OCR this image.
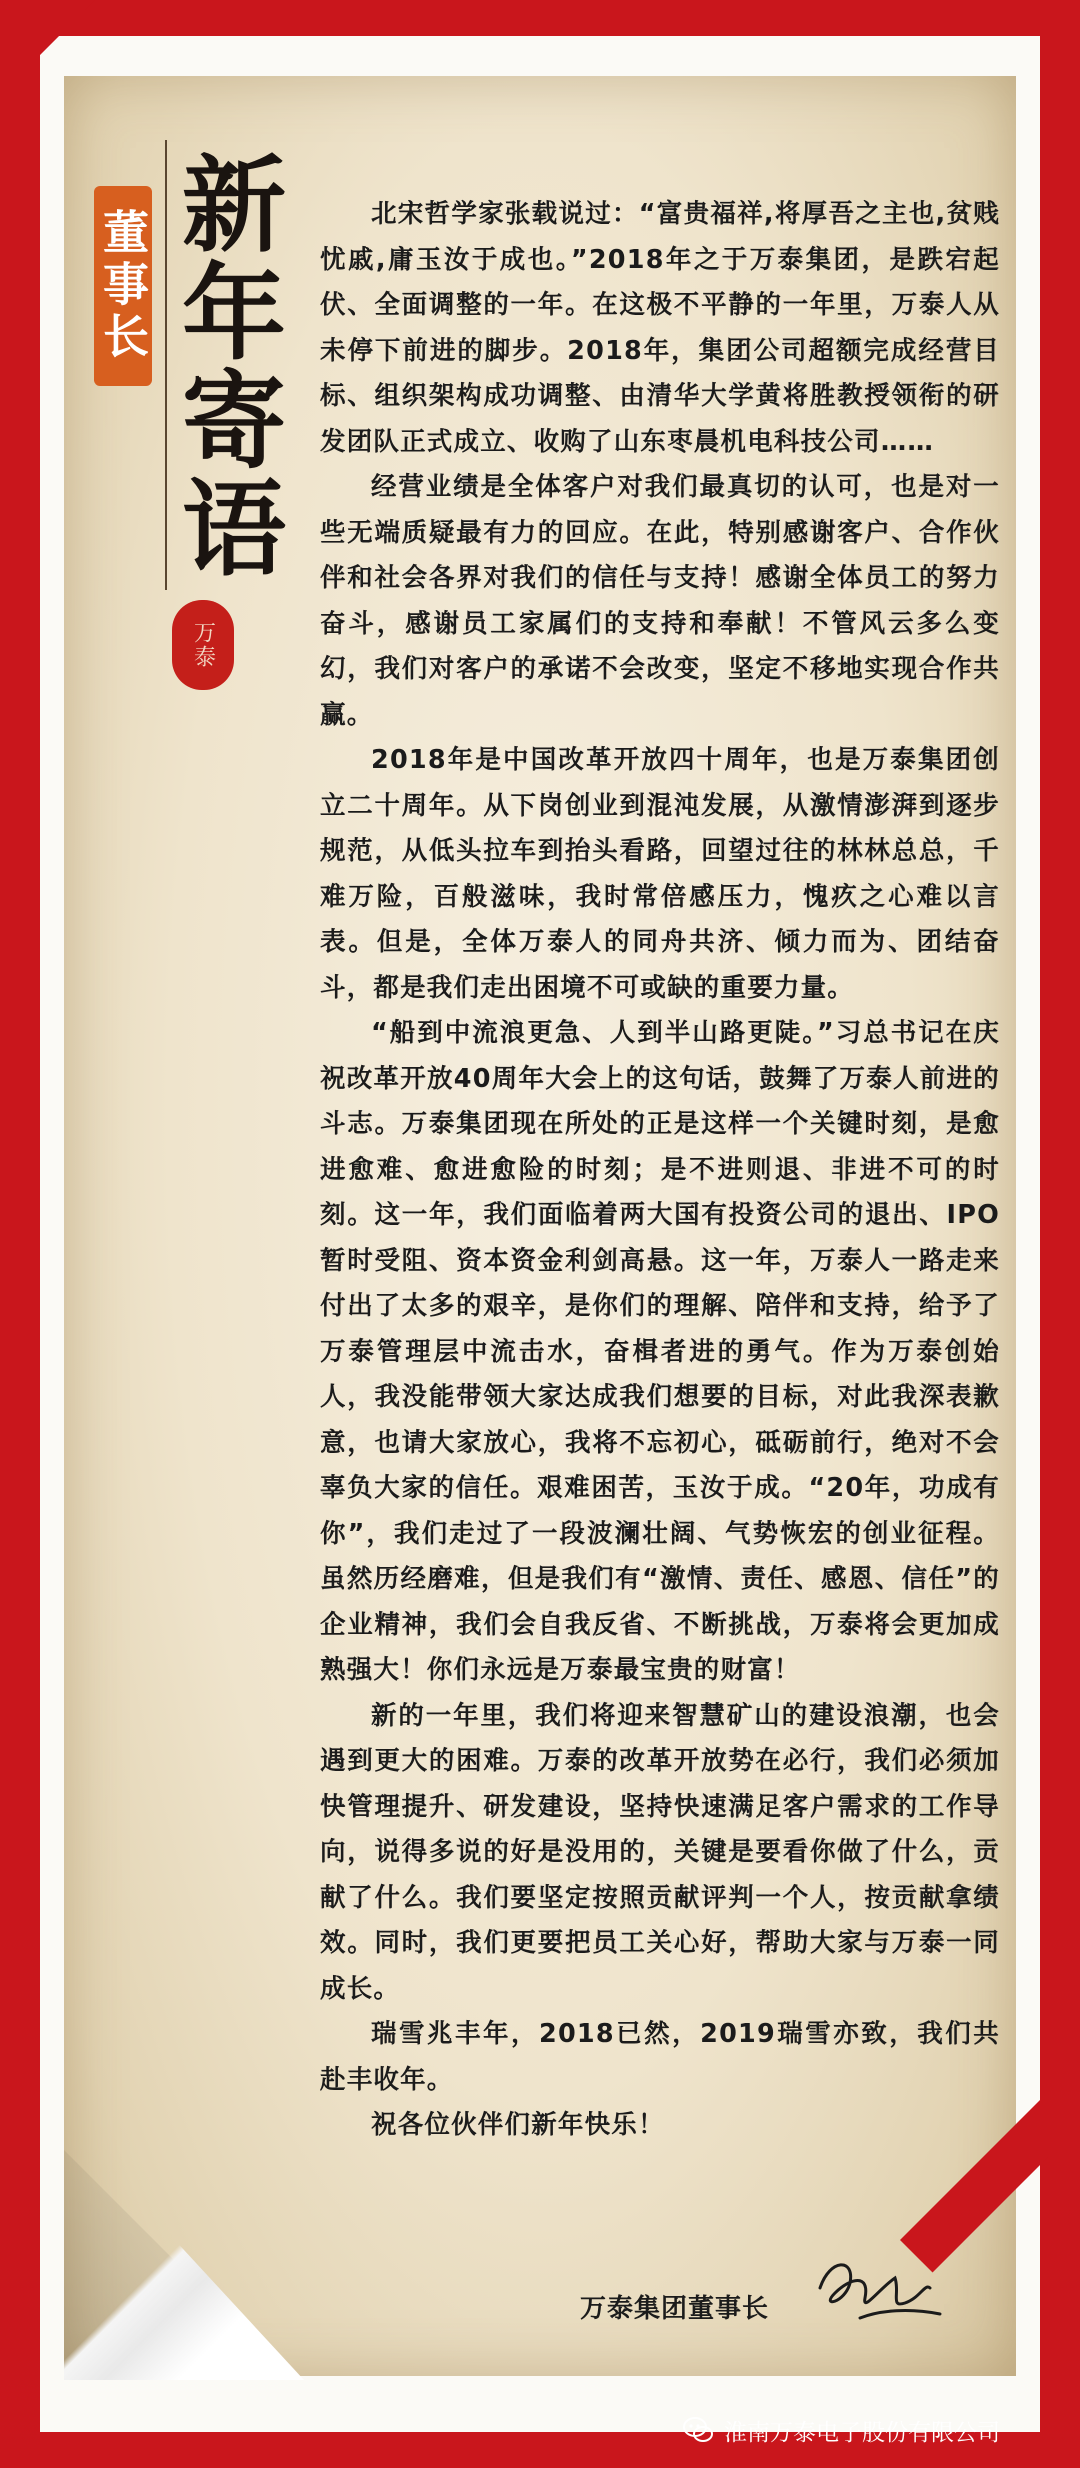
董事长 新年寄语
万泰

北宋哲学家张载说过：“富贵福祥,将厚吾之主也,贫贱忧戚,庸玉汝于成也。”2018年之于万泰集团，是跌宕起伏、全面调整的一年。在这极不平静的一年里，万泰人从未停下前进的脚步。2018年，集团公司超额完成经营目标、组织架构成功调整、由清华大学黄将胜教授领衔的研发团队正式成立、收购了山东枣晨机电科技公司……

经营业绩是全体客户对我们最真切的认可，也是对一些无端质疑最有力的回应。在此，特别感谢客户、合作伙伴和社会各界对我们的信任与支持！感谢全体员工的努力奋斗，感谢员工家属们的支持和奉献！不管风云多么变幻，我们对客户的承诺不会改变，坚定不移地实现合作共赢。

2018年是中国改革开放四十周年，也是万泰集团创立二十周年。从下岗创业到混沌发展，从激情澎湃到逐步规范，从低头拉车到抬头看路，回望过往的林林总总，千难万险，百般滋味，我时常倍感压力，愧疚之心难以言表。但是，全体万泰人的同舟共济、倾力而为、团结奋斗，都是我们走出困境不可或缺的重要力量。

“船到中流浪更急、人到半山路更陡。”习总书记在庆祝改革开放40周年大会上的这句话，鼓舞了万泰人前进的斗志。万泰集团现在所处的正是这样一个关键时刻，是愈进愈难、愈进愈险的时刻；是不进则退、非进不可的时刻。这一年，我们面临着两大国有投资公司的退出、IPO暂时受阻、资本资金利剑高悬。这一年，万泰人一路走来付出了太多的艰辛，是你们的理解、陪伴和支持，给予了万泰管理层中流击水，奋楫者进的勇气。作为万泰创始人，我没能带领大家达成我们想要的目标，对此我深表歉意，也请大家放心，我将不忘初心，砥砺前行，绝对不会辜负大家的信任。艰难困苦，玉汝于成。“20年，功成有你”，我们走过了一段波澜壮阔、气势恢宏的创业征程。虽然历经磨难，但是我们有“激情、责任、感恩、信任”的企业精神，我们会自我反省、不断挑战，万泰将会更加成熟强大！你们永远是万泰最宝贵的财富！

新的一年里，我们将迎来智慧矿山的建设浪潮，也会遇到更大的困难。万泰的改革开放势在必行，我们必须加快管理提升、研发建设，坚持快速满足客户需求的工作导向，说得多说的好是没用的，关键是要看你做了什么，贡献了什么。我们要坚定按照贡献评判一个人，按贡献拿绩效。同时，我们更要把员工关心好，帮助大家与万泰一同成长。

瑞雪兆丰年，2018已然，2019瑞雪亦致，我们共赴丰收年。

祝各位伙伴们新年快乐！

万泰集团董事长
淮南万泰电子股份有限公司
